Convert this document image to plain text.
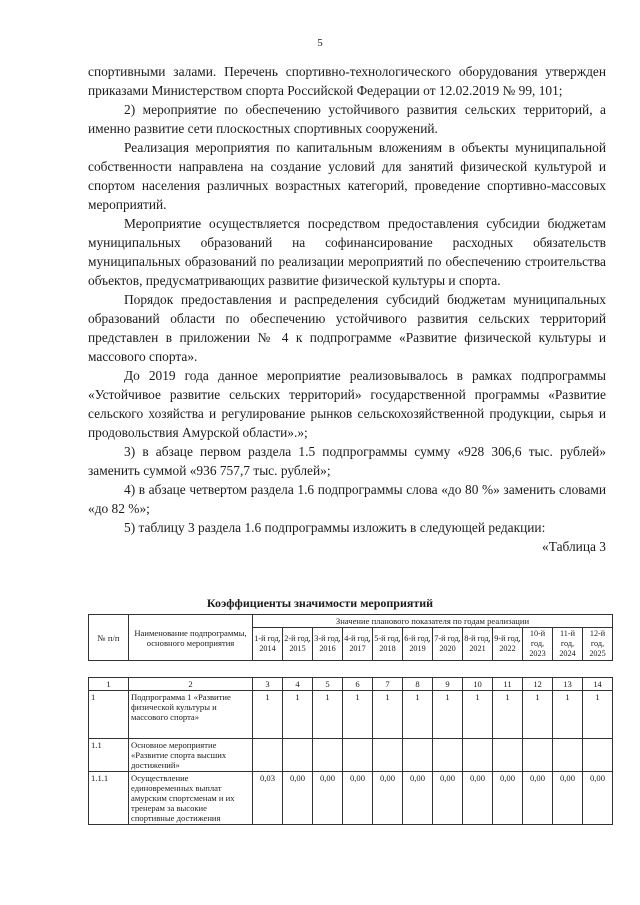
5

спортивными залами. Перечень спортивно-технологического оборудования утвержден приказами Министерством спорта Российской Федерации от 12.02.2019 № 99, 101;

2) мероприятие по обеспечению устойчивого развития сельских территорий, а именно развитие сети плоскостных спортивных сооружений.

Реализация мероприятия по капитальным вложениям в объекты муниципальной собственности направлена на создание условий для занятий физической культурой и спортом населения различных возрастных категорий, проведение спортивно-массовых мероприятий.

Мероприятие осуществляется посредством предоставления субсидии бюджетам муниципальных образований на софинансирование расходных обязательств муниципальных образований по реализации мероприятий по обеспечению строительства объектов, предусматривающих развитие физической культуры и спорта.

Порядок предоставления и распределения субсидий бюджетам муниципальных образований области по обеспечению устойчивого развития сельских территорий представлен в приложении № 4 к подпрограмме «Развитие физической культуры и массового спорта».

До 2019 года данное мероприятие реализовывалось в рамках подпрограммы «Устойчивое развитие сельских территорий» государственной программы «Развитие сельского хозяйства и регулирование рынков сельскохозяйственной продукции, сырья и продовольствия Амурской области».»;

3) в абзаце первом раздела 1.5 подпрограммы сумму «928 306,6 тыс. рублей» заменить суммой «936 757,7 тыс. рублей»;

4) в абзаце четвертом раздела 1.6 подпрограммы слова «до 80 %» заменить словами «до 82 %»;

5) таблицу 3 раздела 1.6 подпрограммы изложить в следующей редакции:

«Таблица 3

Коэффициенты значимости мероприятий
№ п/п	Наименование подпрограммы, основного мероприятия	Значение планового показателя по годам реализации											
		1-й год, 2014	2-й год, 2015	3-й год, 2016	4-й год, 2017	5-й год, 2018	6-й год, 2019	7-й год, 2020	8-й год, 2021	9-й год, 2022	10-й год, 2023	11-й год, 2024	12-й год, 2025
1	2	3	4	5	6	7	8	9	10	11	12	13	14
1	Подпрограмма 1 «Развитие физической культуры и массового спорта»	1	1	1	1	1	1	1	1	1	1	1	1
1.1	Основное мероприятие «Развитие спорта высших достижений»												
1.1.1	Осуществление единовременных выплат амурским спортсменам и их тренерам за высокие спортивные достижения	0,03	0,00	0,00	0,00	0,00	0,00	0,00	0,00	0,00	0,00	0,00	0,00
